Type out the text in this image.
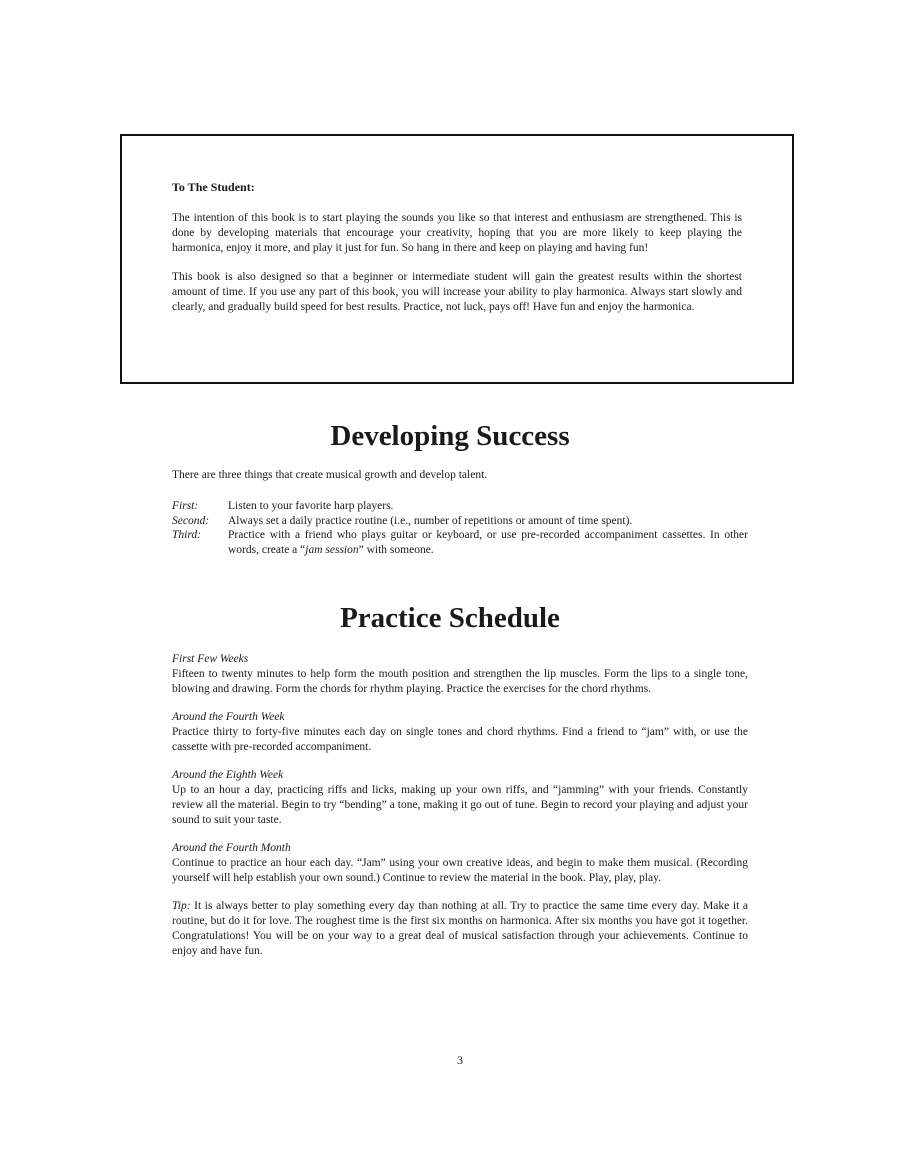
To The Student:

The intention of this book is to start playing the sounds you like so that interest and enthusiasm are strengthened. This is done by developing materials that encourage your creativity, hoping that you are more likely to keep playing the harmonica, enjoy it more, and play it just for fun. So hang in there and keep on playing and having fun!

This book is also designed so that a beginner or intermediate student will gain the greatest results within the shortest amount of time. If you use any part of this book, you will increase your ability to play harmonica. Always start slowly and clearly, and gradually build speed for best results. Practice, not luck, pays off! Have fun and enjoy the harmonica.

Developing Success
There are three things that create musical growth and develop talent.
First:	Listen to your favorite harp players.
Second:	Always set a daily practice routine (i.e., number of repetitions or amount of time spent).
Third:	Practice with a friend who plays guitar or keyboard, or use pre-recorded accompaniment cassettes. In other words, create a “jam session” with someone.
Practice Schedule
First Few Weeks
Fifteen to twenty minutes to help form the mouth position and strengthen the lip muscles. Form the lips to a single tone, blowing and drawing. Form the chords for rhythm playing. Practice the exercises for the chord rhythms.
Around the Fourth Week
Practice thirty to forty-five minutes each day on single tones and chord rhythms. Find a friend to “jam” with, or use the cassette with pre-recorded accompaniment.
Around the Eighth Week
Up to an hour a day, practicing riffs and licks, making up your own riffs, and “jamming” with your friends. Constantly review all the material. Begin to try “bending” a tone, making it go out of tune. Begin to record your playing and adjust your sound to suit your taste.
Around the Fourth Month
Continue to practice an hour each day. “Jam” using your own creative ideas, and begin to make them musical. (Recording yourself will help establish your own sound.) Continue to review the material in the book. Play, play, play.
Tip: It is always better to play something every day than nothing at all. Try to practice the same time every day. Make it a routine, but do it for love. The roughest time is the first six months on harmonica. After six months you have got it together. Congratulations! You will be on your way to a great deal of musical satisfaction through your achievements. Continue to enjoy and have fun.
3
